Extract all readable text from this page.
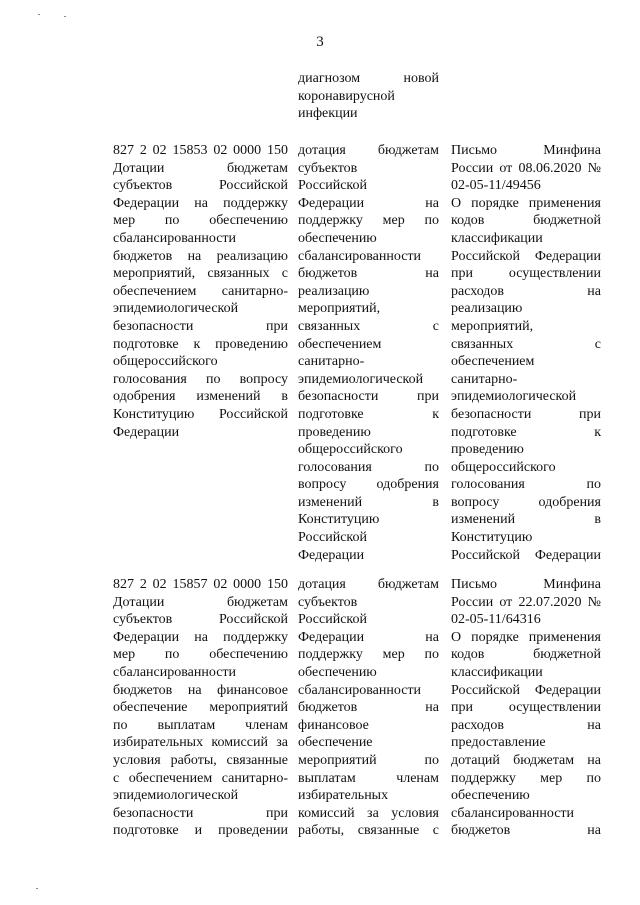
3
диагнозом новой
коронавирусной
инфекции
827 2 02 15853 02 0000 150
Дотации бюджетам
субъектов Российской
Федерации на поддержку
мер по обеспечению
сбалансированности
бюджетов на реализацию
мероприятий, связанных с
обеспечением санитарно-
эпидемиологической
безопасности при
подготовке к проведению
общероссийского
голосования по вопросу
одобрения изменений в
Конституцию Российской
Федерации
дотация бюджетам
субъектов
Российской
Федерации на
поддержку мер по
обеспечению
сбалансированности
бюджетов на
реализацию
мероприятий,
связанных с
обеспечением
санитарно-
эпидемиологической
безопасности при
подготовке к
проведению
общероссийского
голосования по
вопросу одобрения
изменений в
Конституцию
Российской
Федерации
Письмо Минфина
России от 08.06.2020 №
02-05-11/49456
О порядке применения
кодов бюджетной
классификации
Российской Федерации
при осуществлении
расходов на
реализацию
мероприятий,
связанных с
обеспечением
санитарно-
эпидемиологической
безопасности при
подготовке к
проведению
общероссийского
голосования по
вопросу одобрения
изменений в
Конституцию
Российской Федерации
827 2 02 15857 02 0000 150
Дотации бюджетам
субъектов Российской
Федерации на поддержку
мер по обеспечению
сбалансированности
бюджетов на финансовое
обеспечение мероприятий
по выплатам членам
избирательных комиссий за
условия работы, связанные
с обеспечением санитарно-
эпидемиологической
безопасности при
подготовке и проведении
дотация бюджетам
субъектов
Российской
Федерации на
поддержку мер по
обеспечению
сбалансированности
бюджетов на
финансовое
обеспечение
мероприятий по
выплатам членам
избирательных
комиссий за условия
работы, связанные с
Письмо Минфина
России от 22.07.2020 №
02-05-11/64316
О порядке применения
кодов бюджетной
классификации
Российской Федерации
при осуществлении
расходов на
предоставление
дотаций бюджетам на
поддержку мер по
обеспечению
сбалансированности
бюджетов на
